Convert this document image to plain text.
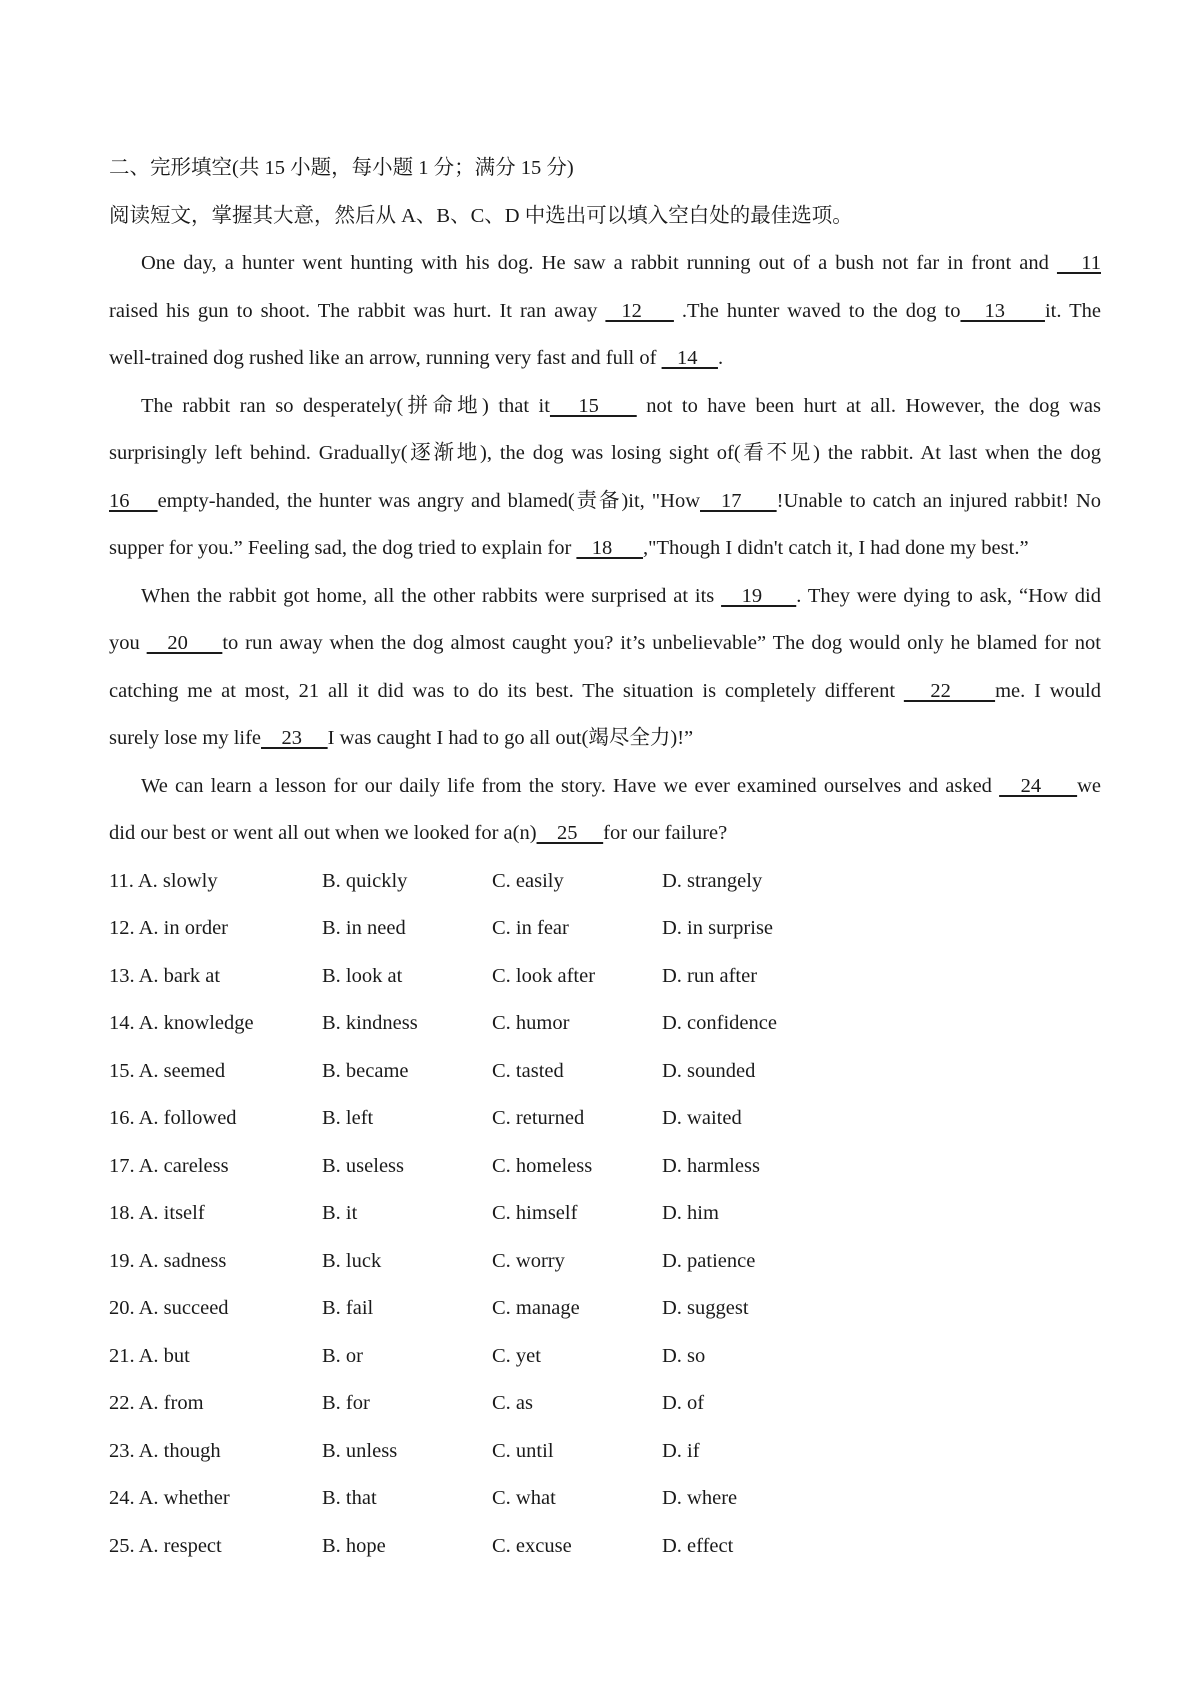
二、完形填空(共 15 小题，每小题 1 分；满分 15 分)
阅读短文，掌握其大意，然后从 A、B、C、D 中选出可以填入空白处的最佳选项。
One day, a hunter went hunting with his dog. He saw a rabbit running out of a bush not far in front and    11
raised his gun to shoot. The rabbit was hurt. It ran away   12     .The hunter waved to the dog to   13     it. The
well-trained dog rushed like an arrow, running very fast and full of    14    .
The rabbit ran so desperately(拼命地) that it   15     not to have been hurt at all. However, the dog was
surprisingly left behind. Gradually(逐渐地), the dog was losing sight of(看不见) the rabbit. At last when the dog
16    empty-handed, the hunter was angry and blamed(责备)it, "How   17     !Unable to catch an injured rabbit! No
supper for you.” Feeling sad, the dog tried to explain for    18      ,"Though I didn't catch it, I had done my best.”
When the rabbit got home, all the other rabbits were surprised at its    19     . They were dying to ask, “How did
you    20     to run away when the dog almost caught you? it’s unbelievable” The dog would only he blamed for not
catching me at most, 21 all it did was to do its best. The situation is completely different    22     me. I would
surely lose my life    23     I was caught I had to go all out(竭尽全力)!”
We can learn a lesson for our daily life from the story. Have we ever examined ourselves and asked    24     we
did our best or went all out when we looked for a(n)    25     for our failure?
11. A. slowly	B. quickly	C. easily	D. strangely
12. A. in order	B. in need	C. in fear	D. in surprise
13. A. bark at	B. look at	C. look after	D. run after
14. A. knowledge	B. kindness	C. humor	D. confidence
15. A. seemed	B. became	C. tasted	D. sounded
16. A. followed	B. left	C. returned	D. waited
17. A. careless	B. useless	C. homeless	D. harmless
18. A. itself	B. it	C. himself	D. him
19. A. sadness	B. luck	C. worry	D. patience
20. A. succeed	B. fail	C. manage	D. suggest
21. A. but	B. or	C. yet	D. so
22. A. from	B. for	C. as	D. of
23. A. though	B. unless	C. until	D. if
24. A. whether	B. that	C. what	D. where
25. A. respect	B. hope	C. excuse	D. effect
